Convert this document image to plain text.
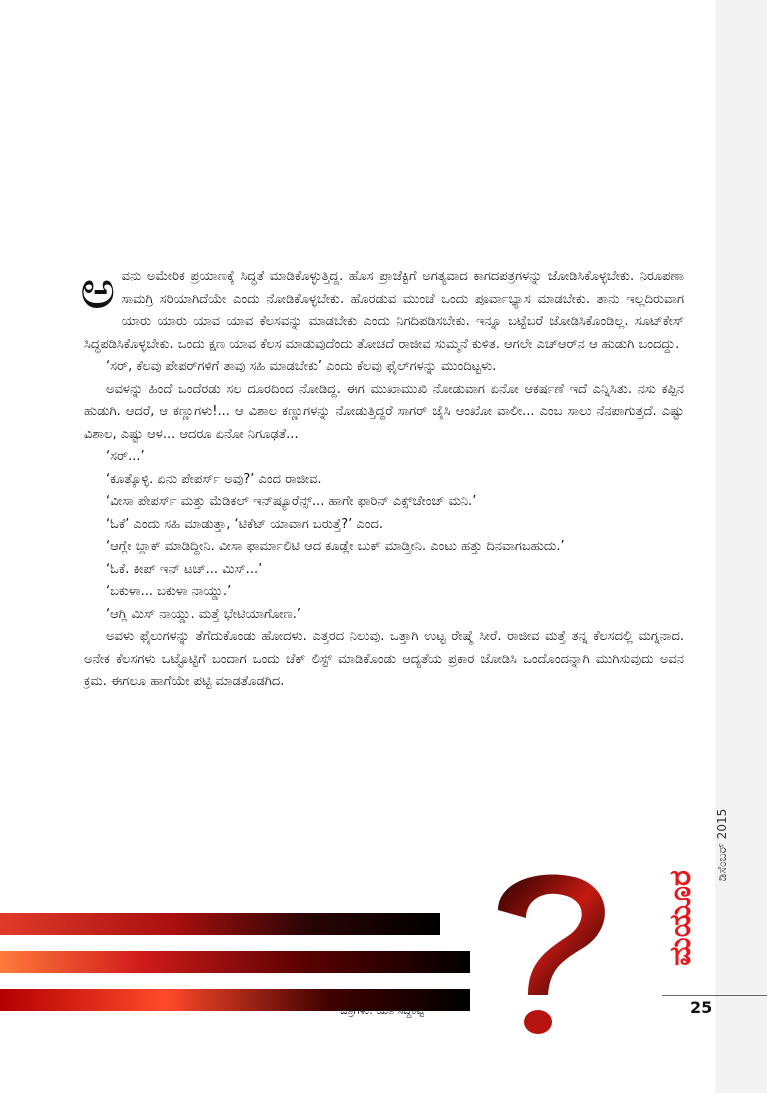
ಅವನು ಅಮೇರಿಕ ಪ್ರಯಾಣಕ್ಕೆ ಸಿದ್ಧತೆ ಮಾಡಿಕೊಳ್ಳುತ್ತಿದ್ದ. ಹೊಸ ಪ್ರಾಜೆಕ್ಟಿಗೆ ಅಗತ್ಯವಾದ ಕಾಗದಪತ್ರಗಳನ್ನು ಜೋಡಿಸಿಕೊಳ್ಳಬೇಕು. ನಿರೂಪಣಾ ಸಾಮಗ್ರಿ ಸರಿಯಾಗಿದೆಯೇ ಎಂದು ನೋಡಿಕೊಳ್ಳಬೇಕು. ಹೊರಡುವ ಮುಂಚೆ ಒಂದು ಪೂರ್ವಾಭ್ಯಾಸ ಮಾಡಬೇಕು. ತಾನು ಇಲ್ಲದಿರುವಾಗ ಯಾರು ಯಾರು ಯಾವ ಯಾವ ಕೆಲಸವನ್ನು ಮಾಡಬೇಕು ಎಂದು ನಿಗದಿಪಡಿಸಬೇಕು. ಇನ್ನೂ ಬಟ್ಟೆಬರೆ ಜೋಡಿಸಿಕೊಂಡಿಲ್ಲ. ಸೂಟ್‌ಕೇಸ್ ಸಿದ್ಧಪಡಿಸಿಕೊಳ್ಳಬೇಕು. ಒಂದು ಕ್ಷಣ ಯಾವ ಕೆಲಸ ಮಾಡುವುದೆಂದು ತೋಚದೆ ರಾಜೀವ ಸುಮ್ಮನೆ ಕುಳಿತ. ಆಗಲೇ ಎಚ್‌ಆರ್‌ನ ಆ ಹುಡುಗಿ ಬಂದದ್ದು.

‘ಸರ್, ಕೆಲವು ಪೇಪರ್‌ಗಳಿಗೆ ತಾವು ಸಹಿ ಮಾಡಬೇಕು’ ಎಂದು ಕೆಲವು ಫೈಲ್‌ಗಳನ್ನು ಮುಂದಿಟ್ಟಳು.

ಅವಳನ್ನು ಹಿಂದೆ ಒಂದೆರಡು ಸಲ ದೂರದಿಂದ ನೋಡಿದ್ದ. ಈಗ ಮುಖಾಮುಖಿ ನೋಡುವಾಗ ಏನೋ ಆಕರ್ಷಣೆ ಇದೆ ಎನ್ನಿಸಿತು. ನಸು ಕಪ್ಪಿನ ಹುಡುಗಿ. ಆದರೆ, ಆ ಕಣ್ಣುಗಳು!... ಆ ವಿಶಾಲ ಕಣ್ಣುಗಳನ್ನು ನೋಡುತ್ತಿದ್ದರೆ ಸಾಗರ್ ಜೈಸಿ ಆಂಖೋ ವಾಲೀ... ಎಂಬ ಸಾಲು ನೆನಪಾಗುತ್ತದೆ. ಎಷ್ಟು ವಿಶಾಲ, ಎಷ್ಟು ಆಳ... ಆದರೂ ಏನೋ ನಿಗೂಢತೆ...

‘ಸರ್...’

‘ಕೂತ್ಕೊಳ್ಳಿ. ಏನು ಪೇಪರ್ಸ್ ಅವು?’ ಎಂದ ರಾಜೀವ.

‘ವೀಸಾ ಪೇಪರ್ಸ್ ಮತ್ತು ಮೆಡಿಕಲ್ ಇನ್‌ಷ್ಯೂರೆನ್ಸ್... ಹಾಗೇ ಫಾರಿನ್ ಎಕ್ಸ್‌ಚೇಂಜ್ ಮನಿ.’

‘ಓಕೆ’ ಎಂದು ಸಹಿ ಮಾಡುತ್ತಾ, ‘ಟಿಕೆಟ್ ಯಾವಾಗ ಬರುತ್ತೆ?’ ಎಂದ.

‘ಆಗ್ಲೇ ಬ್ಲಾಕ್ ಮಾಡಿದ್ದೀನಿ. ವೀಸಾ ಫಾರ್ಮಾಲಿಟಿ ಆದ ಕೂಡ್ಲೇ ಬುಕ್ ಮಾಡ್ತೀನಿ. ಎಂಟು ಹತ್ತು ದಿನವಾಗಬಹುದು.’

‘ಓಕೆ. ಕೀಪ್ ಇನ್ ಟಚ್... ಮಿಸ್...’

‘ಬಕುಳಾ... ಬಕುಳಾ ನಾಯ್ಡು.’

‘ಆಗ್ಲಿ ಮಿಸ್ ನಾಯ್ಡು. ಮತ್ತೆ ಭೇಟಿಯಾಗೋಣ.’

ಅವಳು ಫೈಲುಗಳನ್ನು ತೆಗೆದುಕೊಂಡು ಹೋದಳು. ಎತ್ತರದ ನಿಲುವು. ಒತ್ತಾಗಿ ಉಟ್ಟ ರೇಷ್ಮೆ ಸೀರೆ. ರಾಜೀವ ಮತ್ತೆ ತನ್ನ ಕೆಲಸದಲ್ಲಿ ಮಗ್ನನಾದ. ಅನೇಕ ಕೆಲಸಗಳು ಒಟ್ಟೊಟ್ಟಿಗೆ ಬಂದಾಗ ಒಂದು ಚೆಕ್ ಲಿಸ್ಟ್ ಮಾಡಿಕೊಂಡು ಆದ್ಯತೆಯ ಪ್ರಕಾರ ಜೋಡಿಸಿ ಒಂದೊಂದನ್ನಾಗಿ ಮುಗಿಸುವುದು ಅವನ ಕ್ರಮ. ಈಗಲೂ ಹಾಗೆಯೇ ಪಟ್ಟಿ ಮಾಡತೊಡಗಿದ.

ಚಿತ್ರಗಳು: ಯತಿ ಸಿದ್ದಕಟ್ಟೆ
ಮಯೂರ
ಡಿಸೆಂಬರ್ 2015
25
